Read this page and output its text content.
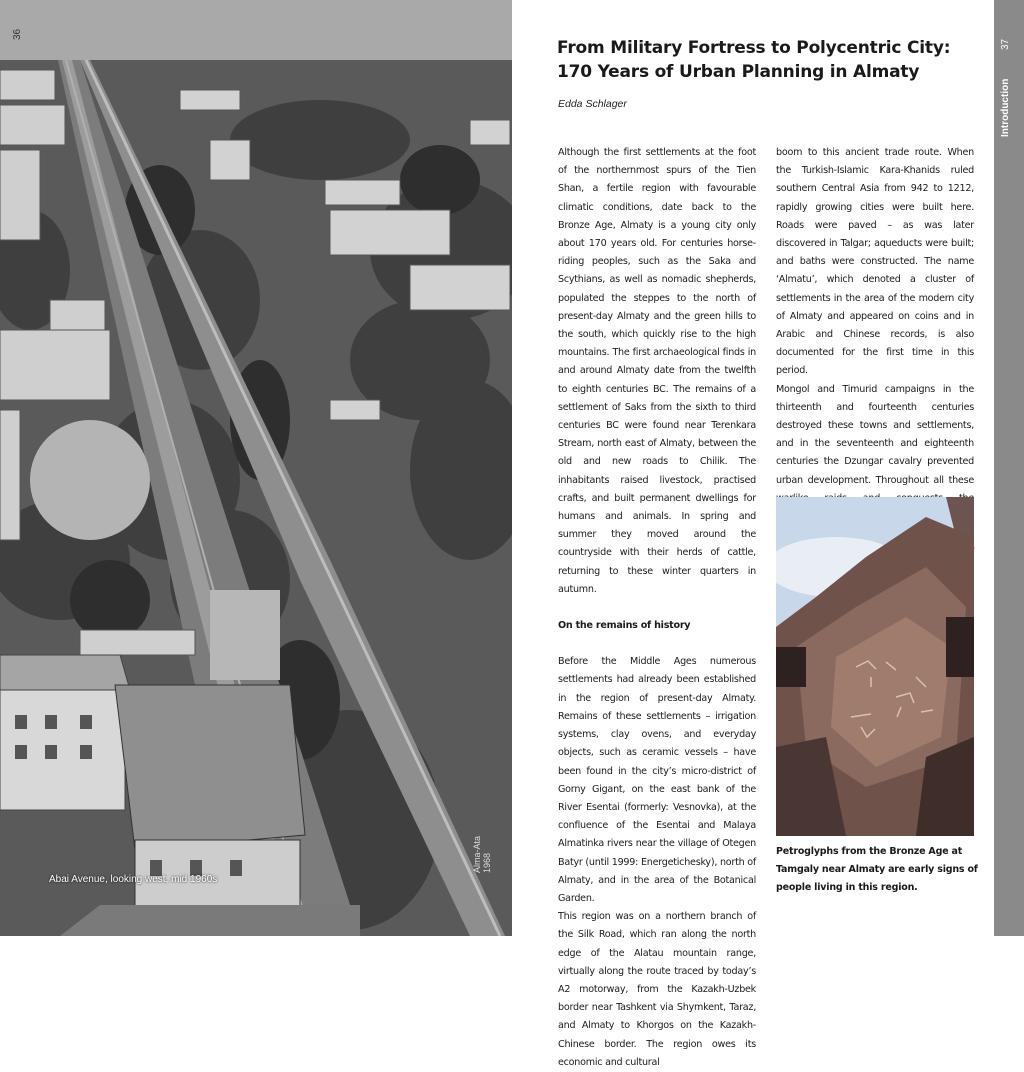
36
Abai Avenue, looking west, mid 1960s
Alma-Ata 1968
From Military Fortress to Polycentric City:
170 Years of Urban Planning in Almaty
Edda Schlager

Although the first settlements at the foot of the northernmost spurs of the Tien Shan, a fertile region with favourable climatic conditions, date back to the Bronze Age, Almaty is a young city only about 170 years old. For centuries horse-riding peoples, such as the Saka and Scythians, as well as nomadic shepherds, populated the steppes to the north of present-day Almaty and the green hills to the south, which quickly rise to the high mountains. The first archaeological finds in and around Almaty date from the twelfth to eighth centuries BC. The remains of a settlement of Saks from the sixth to third centuries BC were found near Terenkara Stream, north east of Almaty, between the old and new roads to Chilik. The inhabitants raised livestock, practised crafts, and built permanent dwellings for humans and animals. In spring and summer they moved around the countryside with their herds of cattle, returning to these winter quarters in autumn.

On the remains of history

Before the Middle Ages numerous settlements had already been established in the region of present-day Almaty. Remains of these settlements – irrigation systems, clay ovens, and everyday objects, such as ceramic vessels – have been found in the city’s micro-district of Gorny Gigant, on the east bank of the River Esentai (formerly: Vesnovka), at the confluence of the Esentai and Malaya Almatinka rivers near the village of Otegen Batyr (until 1999: Energetichesky), north of Almaty, and in the area of the Botanical Garden.

This region was on a northern branch of the Silk Road, which ran along the north edge of the Alatau mountain range, virtually along the route traced by today’s A2 motorway, from the Kazakh-Uzbek border near Tashkent via Shymkent, Taraz, and Almaty to Khorgos on the Kazakh-Chinese border. The region owes its economic and cultural

boom to this ancient trade route. When the Turkish-Islamic Kara-Khanids ruled southern Central Asia from 942 to 1212, rapidly growing cities were built here. Roads were paved – as was later discovered in Talgar; aqueducts were built; and baths were constructed. The name ‘Almatu’, which denoted a cluster of settlements in the area of the modern city of Almaty and appeared on coins and in Arabic and Chinese records, is also documented for the first time in this period.

Mongol and Timurid campaigns in the thirteenth and fourteenth centuries destroyed these towns and settlements, and in the seventeenth and eighteenth centuries the Dzungar cavalry prevented urban development. Throughout all these

Petroglyphs from the Bronze Age at Tamgaly near Almaty are early signs of people living in this region.
37
Introduction
